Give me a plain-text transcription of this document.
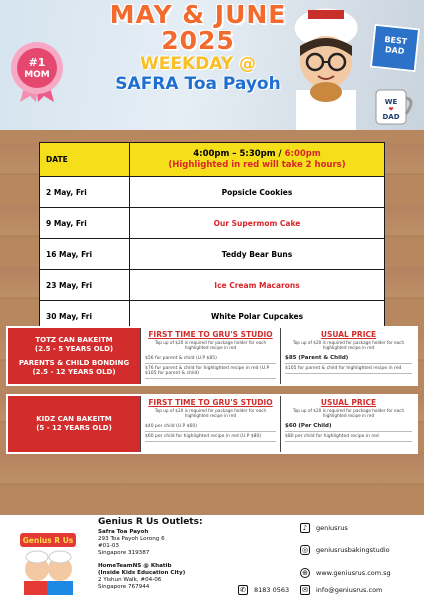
#1
MOM
MAY & JUNE
2025
WEEKDAY @
SAFRA Toa Payoh
BEST DAD
WE
❤
DAD
DATE	4:00pm – 5:30pm / 6:00pm
(Highlighted in red will take 2 hours)
2 May, Fri	Popsicle Cookies
9 May, Fri	Our Supermom Cake
16 May, Fri	Teddy Bear Buns
23 May, Fri	Ice Cream Macarons
30 May, Fri	White Polar Cupcakes
TOTZ CAN BAKEITM
(2.5 - 5 YEARS OLD)
PARENTS & CHILD BONDING
(2.5 - 12 YEARS OLD)
FIRST TIME TO GRU'S STUDIO
Top up of $20 is required for package holder for each highlighted recipe in red
$56 for parent & child (U.P $85)
$76 for parent & child for highlighted recipe in red (U.P $105 for parent & child)
USUAL PRICE
Top up of $20 is required for package holder for each highlighted recipe in red
$85 (Parent & Child)
$105 for parent & child for highlighted recipe in red
KIDZ CAN BAKEITM
(5 - 12 YEARS OLD)
FIRST TIME TO GRU'S STUDIO
Top up of $20 is required for package holder for each highlighted recipe in red
$40 per child (U.P $60)
$60 per child for highlighted recipe in red (U.P $80)
USUAL PRICE
Top up of $20 is required for package holder for each highlighted recipe in red
$60 (Per Child)
$80 per child for highlighted recipe in red
Genius R Us
Genius R Us Outlets:
Safra Toa Payoh
293 Toa Payoh Lorong 6
#01-03
Singapore 319387
HomeTeamNS @ Khatib
(Inside Kids Education City)
2 Yishun Walk, #04-06
Singapore 767944
♪	geniusrus
◎	geniusrusbakingstudio
⊕	www.geniusrus.com.sg
✆	8183 0563 ✉	info@geniusrus.com
